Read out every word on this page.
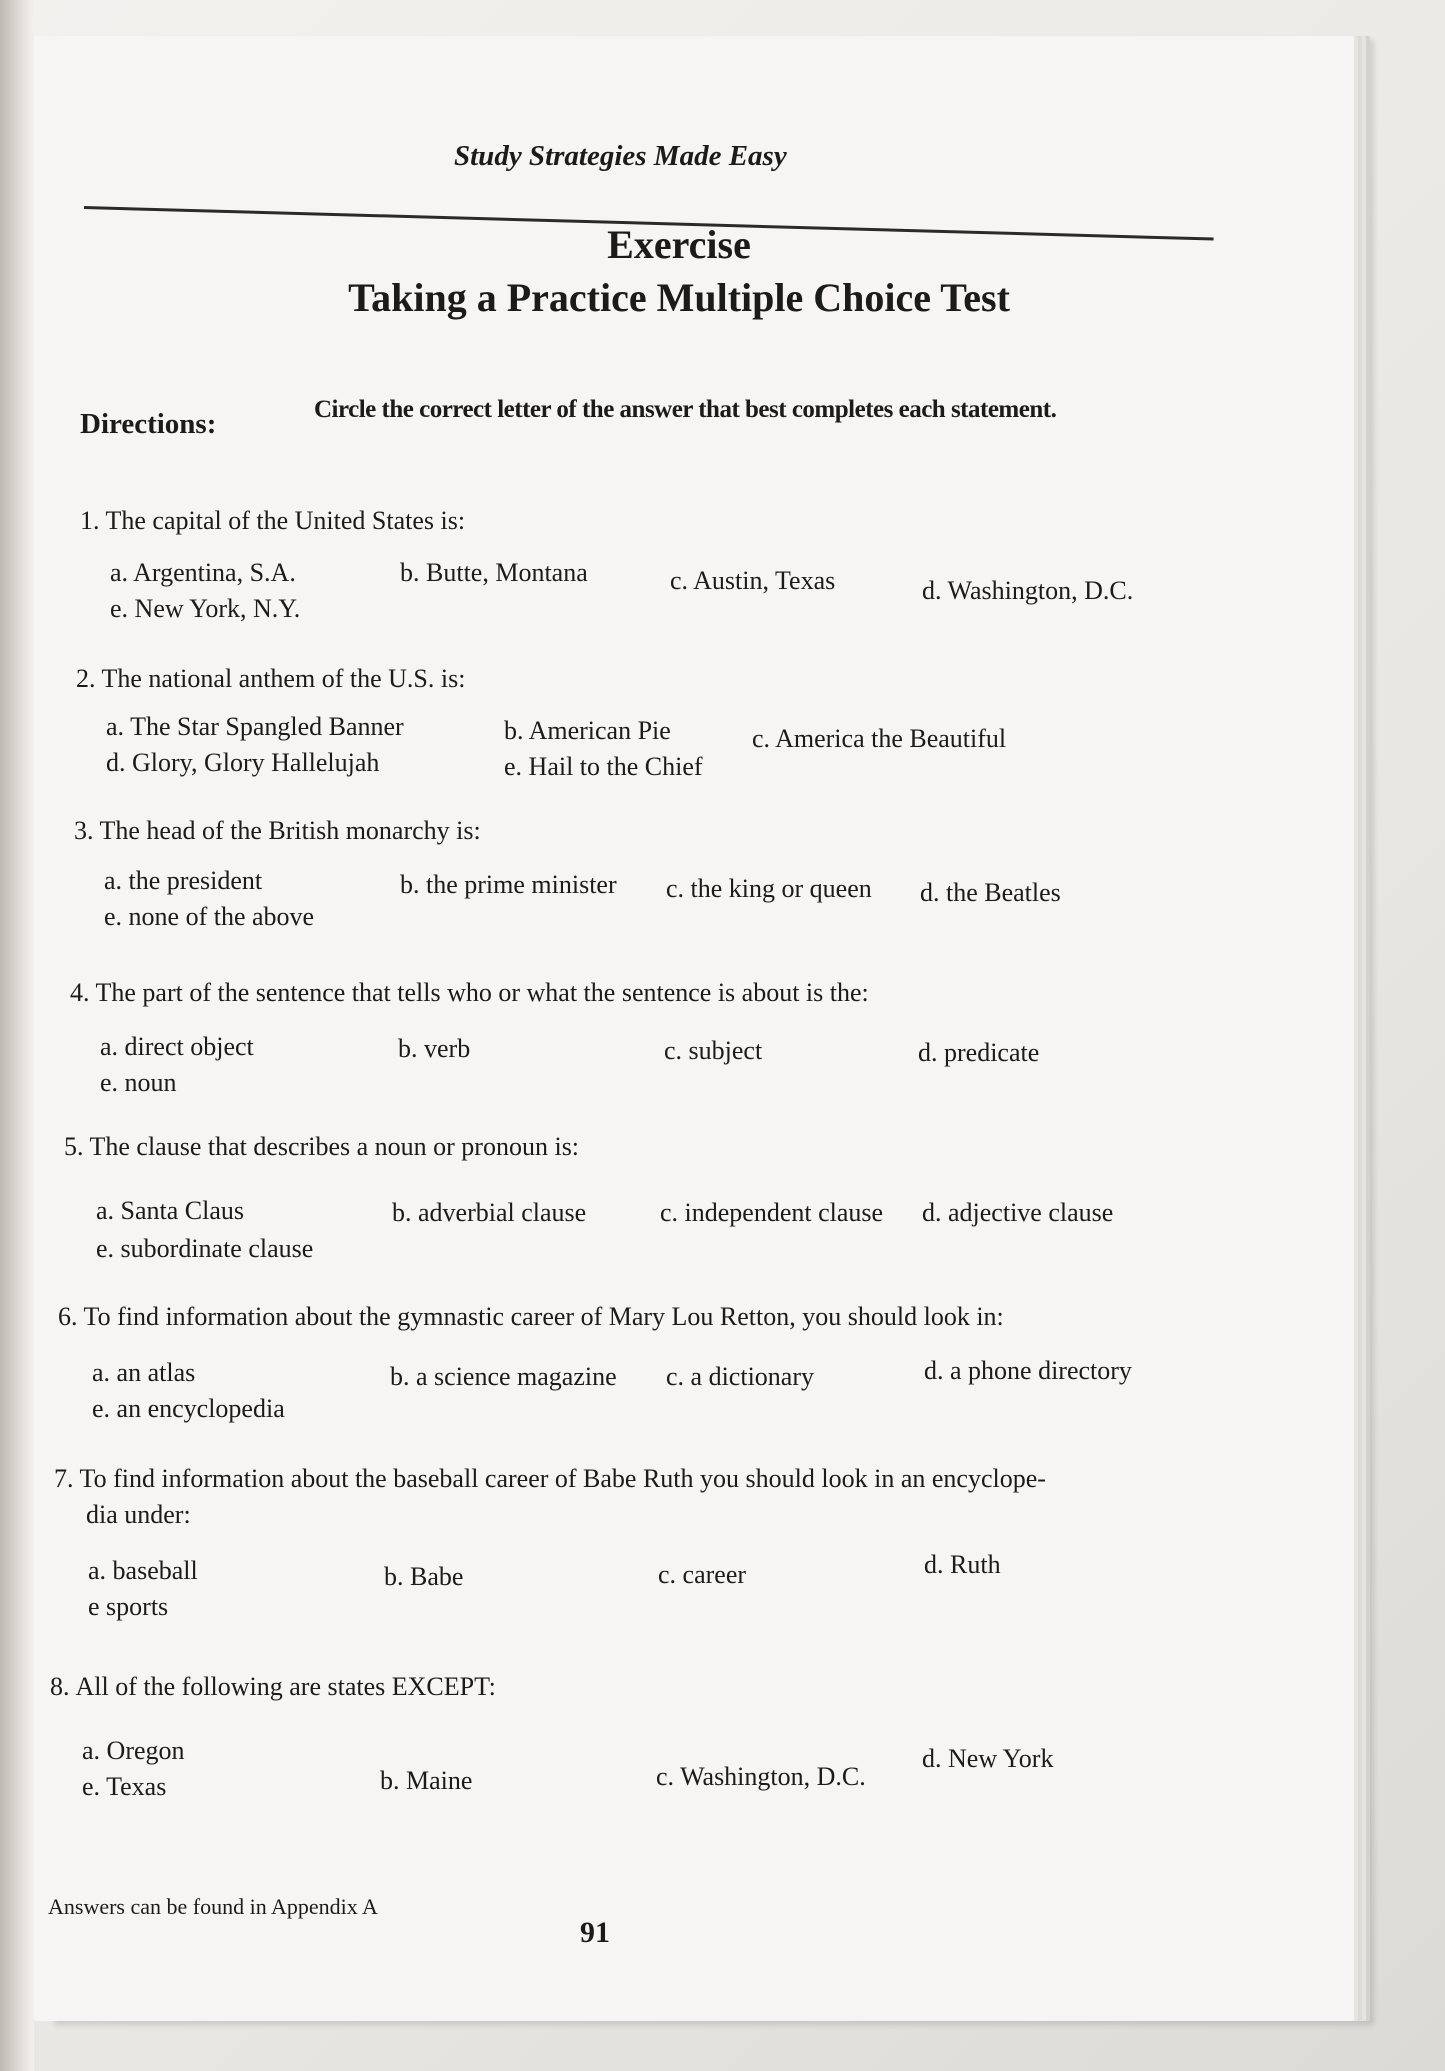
Study Strategies Made Easy
Exercise
Taking a Practice Multiple Choice Test
Directions:	Circle the correct letter of the answer that best completes each statement.
1. The capital of the United States is:
a. Argentina, S.A.	b. Butte, Montana	c. Austin, Texas	d. Washington, D.C.
e. New York, N.Y.
2. The national anthem of the U.S. is:
a. The Star Spangled Banner	b. American Pie	c. America the Beautiful
d. Glory, Glory Hallelujah	e. Hail to the Chief
3. The head of the British monarchy is:
a. the president	b. the prime minister c. the king or queen d. the Beatles
e. none of the above
4. The part of the sentence that tells who or what the sentence is about is the:
a. direct object	b. verb	c. subject	d. predicate
e. noun
5. The clause that describes a noun or pronoun is:
a. Santa Claus	b. adverbial clause	c. independent clause d. adjective clause
e. subordinate clause
6. To find information about the gymnastic career of Mary Lou Retton, you should look in:
a. an atlas	b. a science magazine c. a dictionary	d. a phone directory
e. an encyclopedia
7. To find information about the baseball career of Babe Ruth you should look in an encyclope-
dia under:
a. baseball	b. Babe	c. career	d. Ruth
e sports
8. All of the following are states EXCEPT:
a. Oregon
b. Maine	c. Washington, D.C.
d. New York
e. Texas
Answers can be found in Appendix A
91
